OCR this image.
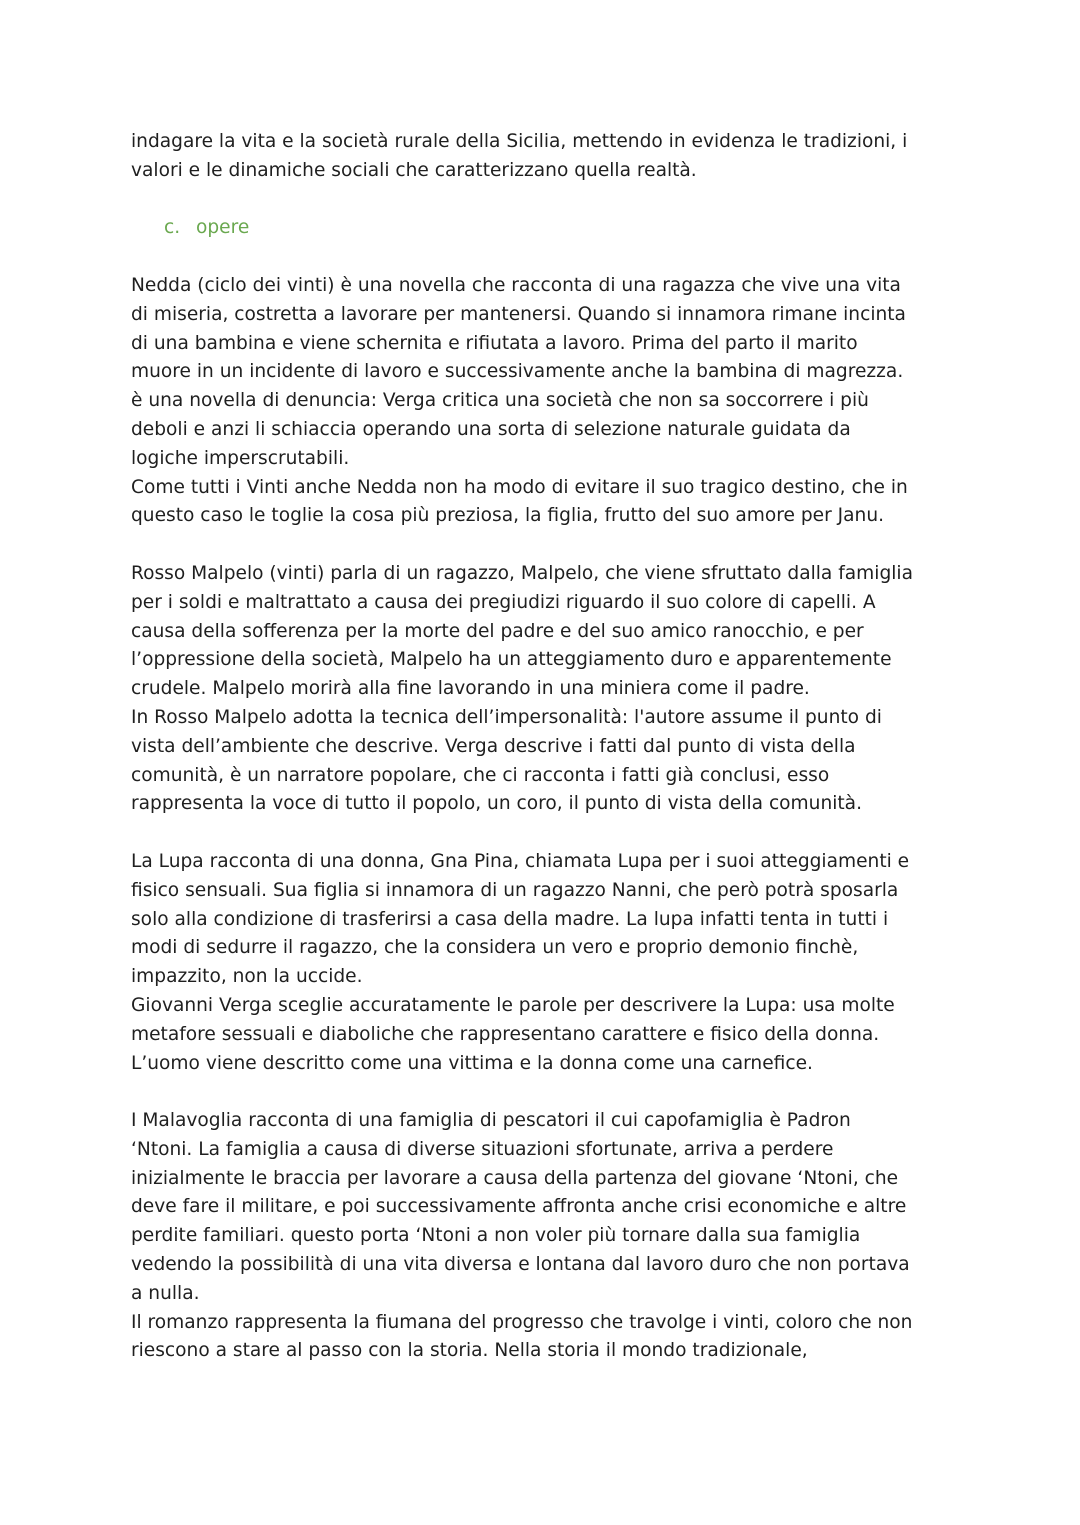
indagare la vita e la società rurale della Sicilia, mettendo in evidenza le tradizioni, i
valori e le dinamiche sociali che caratterizzano quella realtà.

c. opere

Nedda (ciclo dei vinti) è una novella che racconta di una ragazza che vive una vita
di miseria, costretta a lavorare per mantenersi. Quando si innamora rimane incinta
di una bambina e viene schernita e rifiutata a lavoro. Prima del parto il marito
muore in un incidente di lavoro e successivamente anche la bambina di magrezza.
è una novella di denuncia: Verga critica una società che non sa soccorrere i più
deboli e anzi li schiaccia operando una sorta di selezione naturale guidata da
logiche imperscrutabili.
Come tutti i Vinti anche Nedda non ha modo di evitare il suo tragico destino, che in
questo caso le toglie la cosa più preziosa, la figlia, frutto del suo amore per Janu.

Rosso Malpelo (vinti) parla di un ragazzo, Malpelo, che viene sfruttato dalla famiglia
per i soldi e maltrattato a causa dei pregiudizi riguardo il suo colore di capelli. A
causa della sofferenza per la morte del padre e del suo amico ranocchio, e per
l’oppressione della società, Malpelo ha un atteggiamento duro e apparentemente
crudele. Malpelo morirà alla fine lavorando in una miniera come il padre.
In Rosso Malpelo adotta la tecnica dell’impersonalità: l'autore assume il punto di
vista dell’ambiente che descrive. Verga descrive i fatti dal punto di vista della
comunità, è un narratore popolare, che ci racconta i fatti già conclusi, esso
rappresenta la voce di tutto il popolo, un coro, il punto di vista della comunità.

La Lupa racconta di una donna, Gna Pina, chiamata Lupa per i suoi atteggiamenti e
fisico sensuali. Sua figlia si innamora di un ragazzo Nanni, che però potrà sposarla
solo alla condizione di trasferirsi a casa della madre. La lupa infatti tenta in tutti i
modi di sedurre il ragazzo, che la considera un vero e proprio demonio finchè,
impazzito, non la uccide.
Giovanni Verga sceglie accuratamente le parole per descrivere la Lupa: usa molte
metafore sessuali e diaboliche che rappresentano carattere e fisico della donna.
L’uomo viene descritto come una vittima e la donna come una carnefice.

I Malavoglia racconta di una famiglia di pescatori il cui capofamiglia è Padron
‘Ntoni. La famiglia a causa di diverse situazioni sfortunate, arriva a perdere
inizialmente le braccia per lavorare a causa della partenza del giovane ‘Ntoni, che
deve fare il militare, e poi successivamente affronta anche crisi economiche e altre
perdite familiari. questo porta ‘Ntoni a non voler più tornare dalla sua famiglia
vedendo la possibilità di una vita diversa e lontana dal lavoro duro che non portava
a nulla.
Il romanzo rappresenta la fiumana del progresso che travolge i vinti, coloro che non
riescono a stare al passo con la storia. Nella storia il mondo tradizionale,
